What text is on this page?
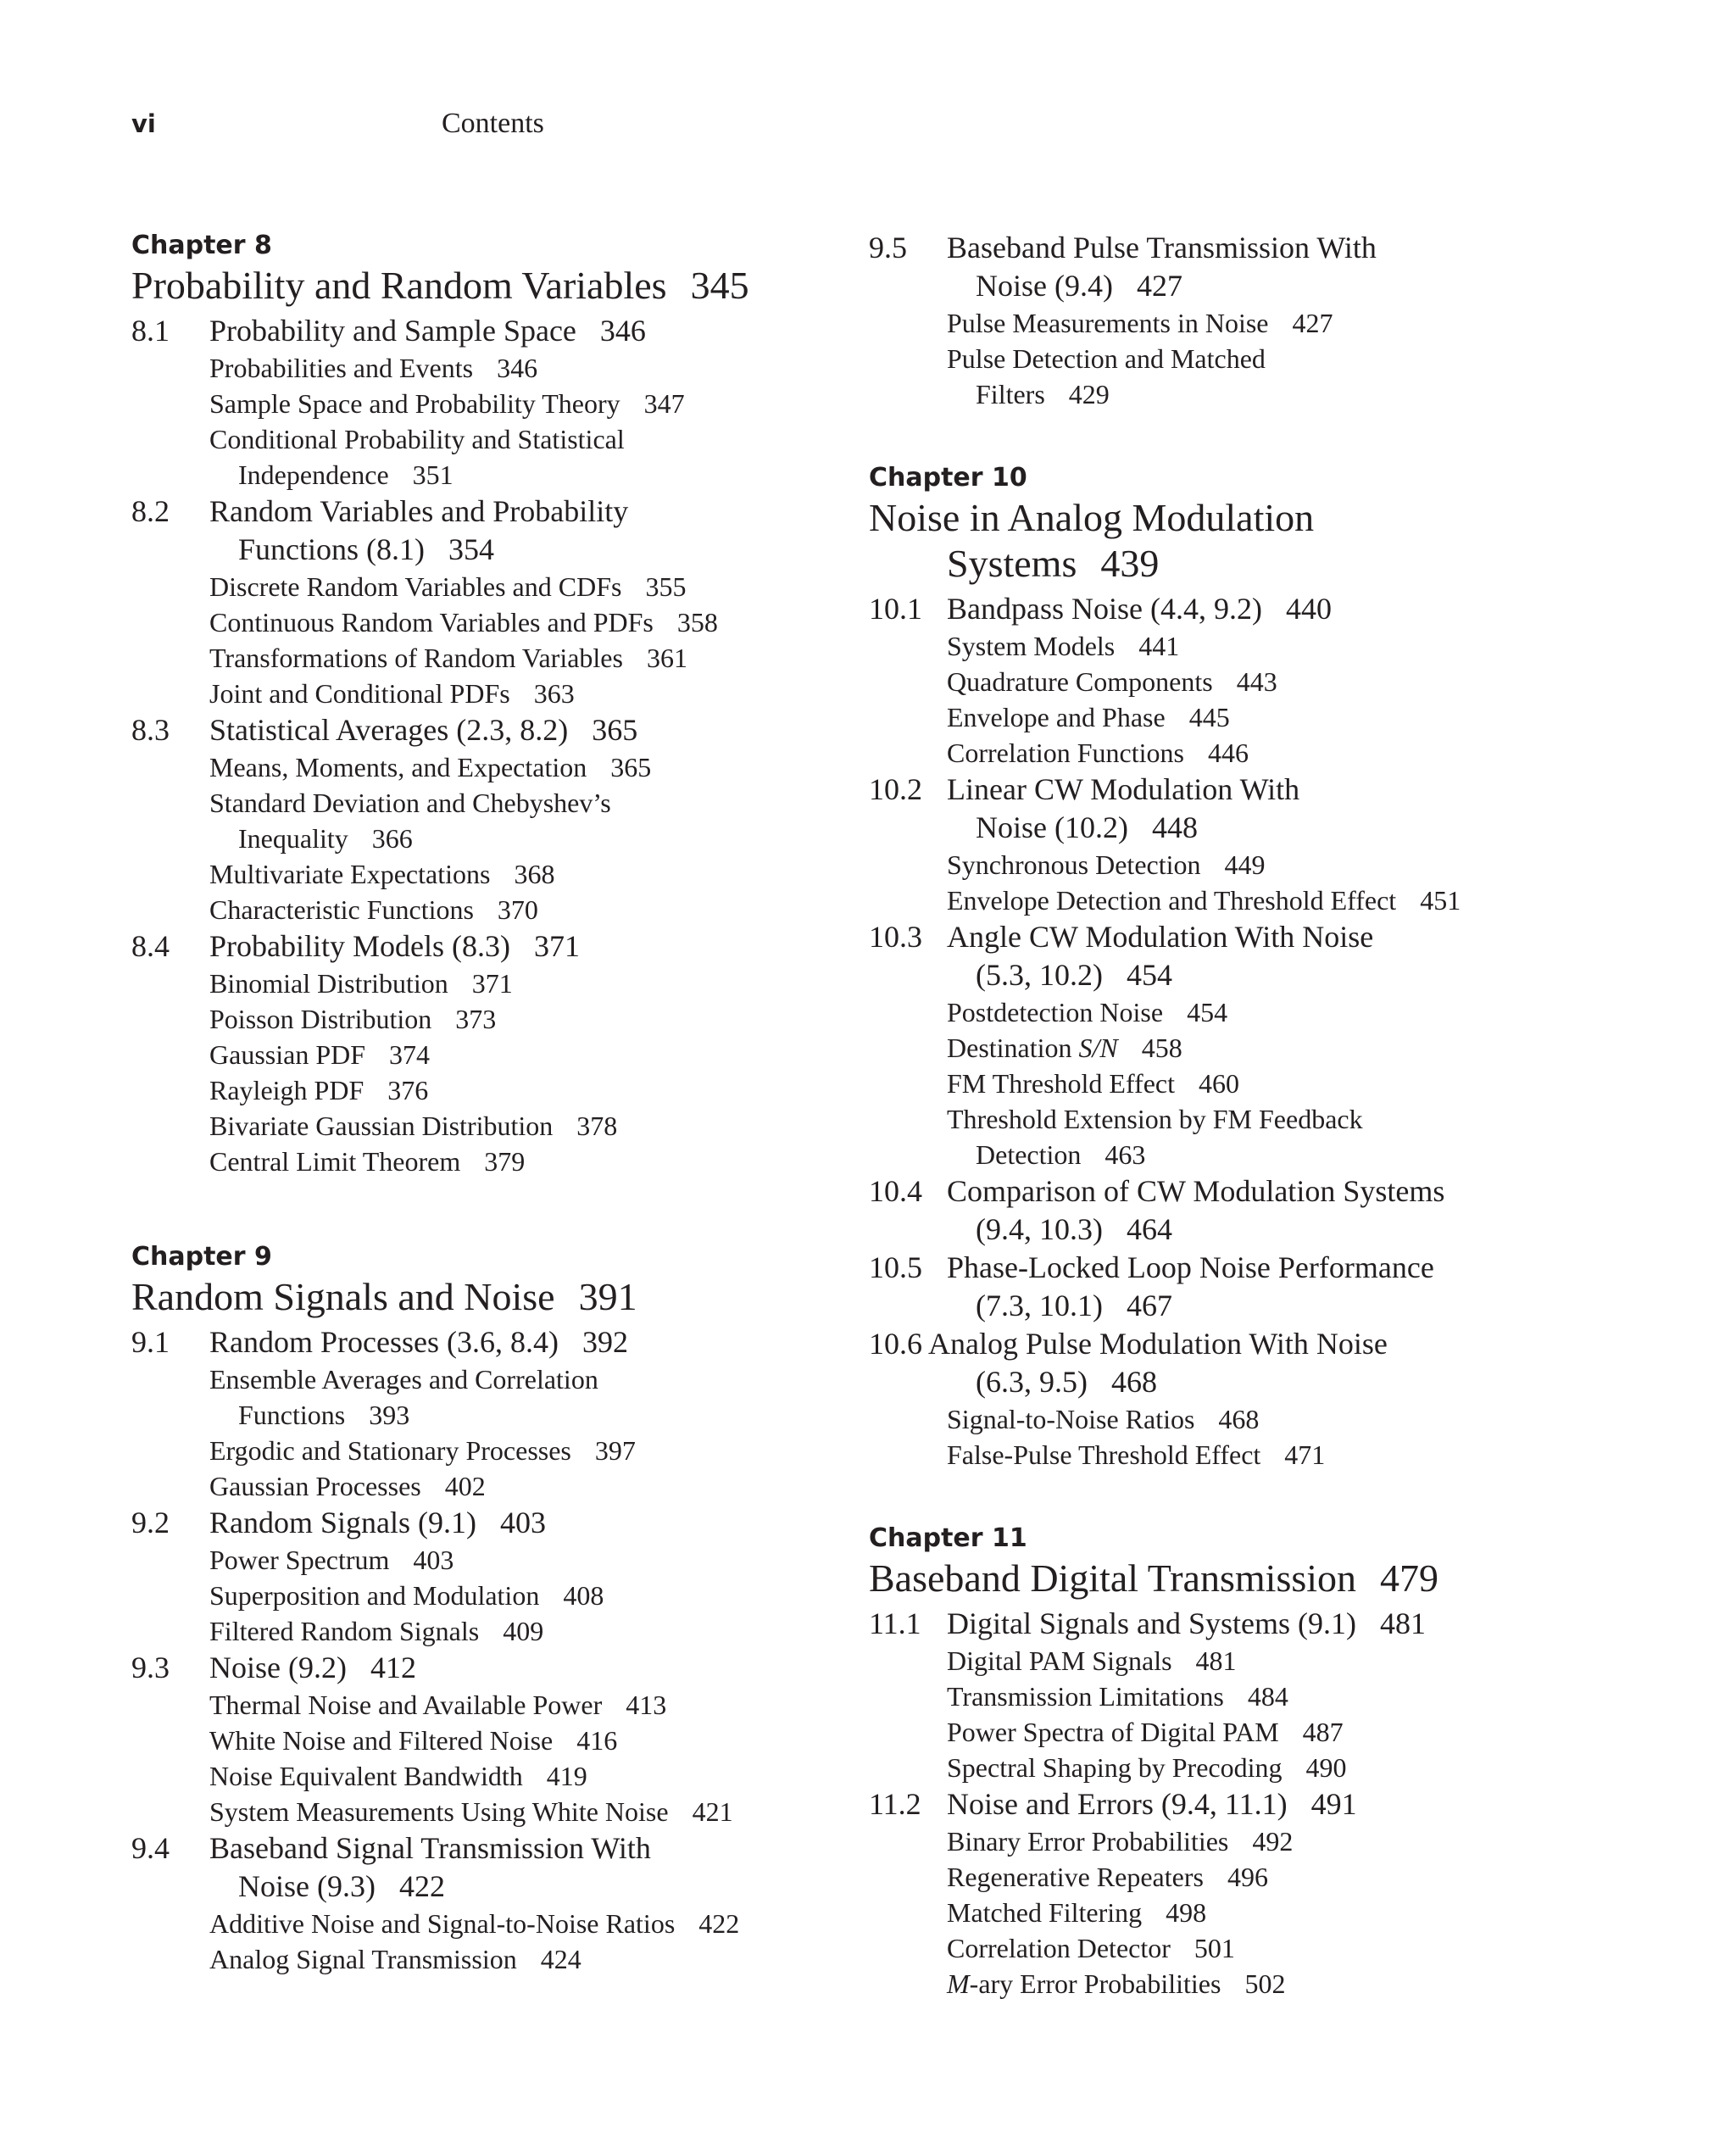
vi	Contents

Chapter 8

Probability and Random Variables 345

8.1	Probability and Sample Space 346
Probabilities and Events 346
Sample Space and Probability Theory 347
Conditional Probability and Statistical
Independence 351
8.2	Random Variables and Probability
Functions (8.1) 354
Discrete Random Variables and CDFs 355
Continuous Random Variables and PDFs 358
Transformations of Random Variables 361
Joint and Conditional PDFs 363
8.3	Statistical Averages (2.3, 8.2) 365
Means, Moments, and Expectation 365
Standard Deviation and Chebyshev’s
Inequality 366
Multivariate Expectations 368
Characteristic Functions 370
8.4	Probability Models (8.3) 371
Binomial Distribution 371
Poisson Distribution 373
Gaussian PDF 374
Rayleigh PDF 376
Bivariate Gaussian Distribution 378
Central Limit Theorem 379

Chapter 9

Random Signals and Noise 391

9.1	Random Processes (3.6, 8.4) 392
Ensemble Averages and Correlation
Functions 393
Ergodic and Stationary Processes 397
Gaussian Processes 402
9.2	Random Signals (9.1) 403
Power Spectrum 403
Superposition and Modulation 408
Filtered Random Signals 409
9.3	Noise (9.2) 412
Thermal Noise and Available Power 413
White Noise and Filtered Noise 416
Noise Equivalent Bandwidth 419
System Measurements Using White Noise 421
9.4	Baseband Signal Transmission With
Noise (9.3) 422
Additive Noise and Signal-to-Noise Ratios 422
Analog Signal Transmission 424
9.5	Baseband Pulse Transmission With
Noise (9.4) 427
Pulse Measurements in Noise 427
Pulse Detection and Matched
Filters 429

Chapter 10

Noise in Analog Modulation
Systems 439

10.1 Bandpass Noise (4.4, 9.2) 440
System Models 441
Quadrature Components 443
Envelope and Phase 445
Correlation Functions 446
10.2 Linear CW Modulation With
Noise (10.2) 448
Synchronous Detection 449
Envelope Detection and Threshold Effect 451
10.3 Angle CW Modulation With Noise
(5.3, 10.2) 454
Postdetection Noise 454
Destination S/N 458
FM Threshold Effect 460
Threshold Extension by FM Feedback
Detection 463
10.4 Comparison of CW Modulation Systems
(9.4, 10.3) 464
10.5 Phase-Locked Loop Noise Performance
(7.3, 10.1) 467
10.6 Analog Pulse Modulation With Noise
(6.3, 9.5) 468
Signal-to-Noise Ratios 468
False-Pulse Threshold Effect 471

Chapter 11

Baseband Digital Transmission 479

11.1 Digital Signals and Systems (9.1) 481
Digital PAM Signals 481
Transmission Limitations 484
Power Spectra of Digital PAM 487
Spectral Shaping by Precoding 490
11.2 Noise and Errors (9.4, 11.1) 491
Binary Error Probabilities 492
Regenerative Repeaters 496
Matched Filtering 498
Correlation Detector 501
M-ary Error Probabilities 502
